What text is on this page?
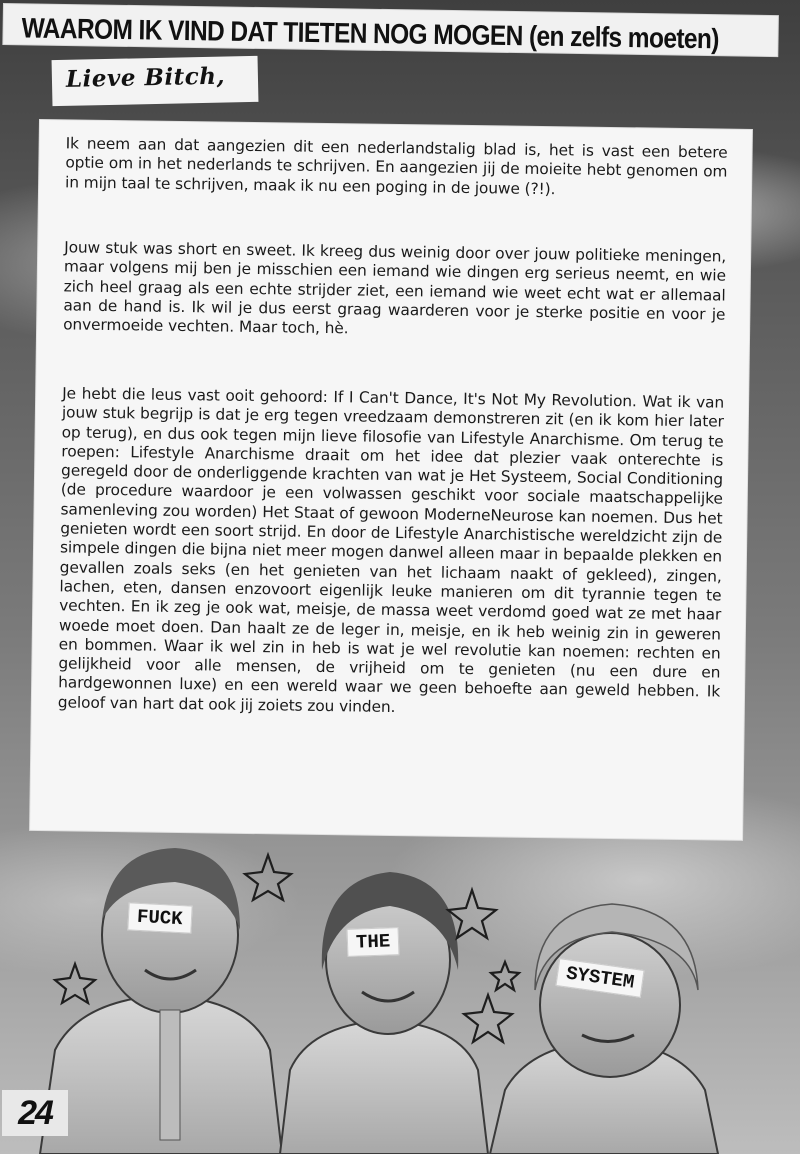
WAAROM IK VIND DAT TIETEN NOG MOGEN (en zelfs moeten)
Lieve Bitch,

Ik neem aan dat aangezien dit een nederlandstalig blad is, het is vast een betere optie om in het nederlands te schrijven. En aangezien jij de moieite hebt genomen om in mijn taal te schrijven, maak ik nu een poging in de jouwe (?!).

Jouw stuk was short en sweet. Ik kreeg dus weinig door over jouw politieke meningen, maar volgens mij ben je misschien een iemand wie dingen erg serieus neemt, en wie zich heel graag als een echte strijder ziet, een iemand wie weet echt wat er allemaal aan de hand is. Ik wil je dus eerst graag waarderen voor je sterke positie en voor je onvermoeide vechten. Maar toch, hè.

Je hebt die leus vast ooit gehoord: If I Can't Dance, It's Not My Revolution. Wat ik van jouw stuk begrijp is dat je erg tegen vreedzaam demonstreren zit (en ik kom hier later op terug), en dus ook tegen mijn lieve filosofie van Lifestyle Anarchisme. Om terug te roepen: Lifestyle Anarchisme draait om het idee dat plezier vaak onterechte is geregeld door de onderliggende krachten van wat je Het Systeem, Social Conditioning (de procedure waardoor je een volwassen geschikt voor sociale maatschappelijke samenleving zou worden) Het Staat of gewoon ModerneNeurose kan noemen. Dus het genieten wordt een soort strijd. En door de Lifestyle Anarchistische wereldzicht zijn de simpele dingen die bijna niet meer mogen danwel alleen maar in bepaalde plekken en gevallen zoals seks (en het genieten van het lichaam naakt of gekleed), zingen, lachen, eten, dansen enzovoort eigenlijk leuke manieren om dit tyrannie tegen te vechten. En ik zeg je ook wat, meisje, de massa weet verdomd goed wat ze met haar woede moet doen. Dan haalt ze de leger in, meisje, en ik heb weinig zin in geweren en bommen. Waar ik wel zin in heb is wat je wel revolutie kan noemen: rechten en gelijkheid voor alle mensen, de vrijheid om te genieten (nu een dure en hardgewonnen luxe) en een wereld waar we geen behoefte aan geweld hebben. Ik geloof van hart dat ook jij zoiets zou vinden.

FUCK
THE
SYSTEM
24
